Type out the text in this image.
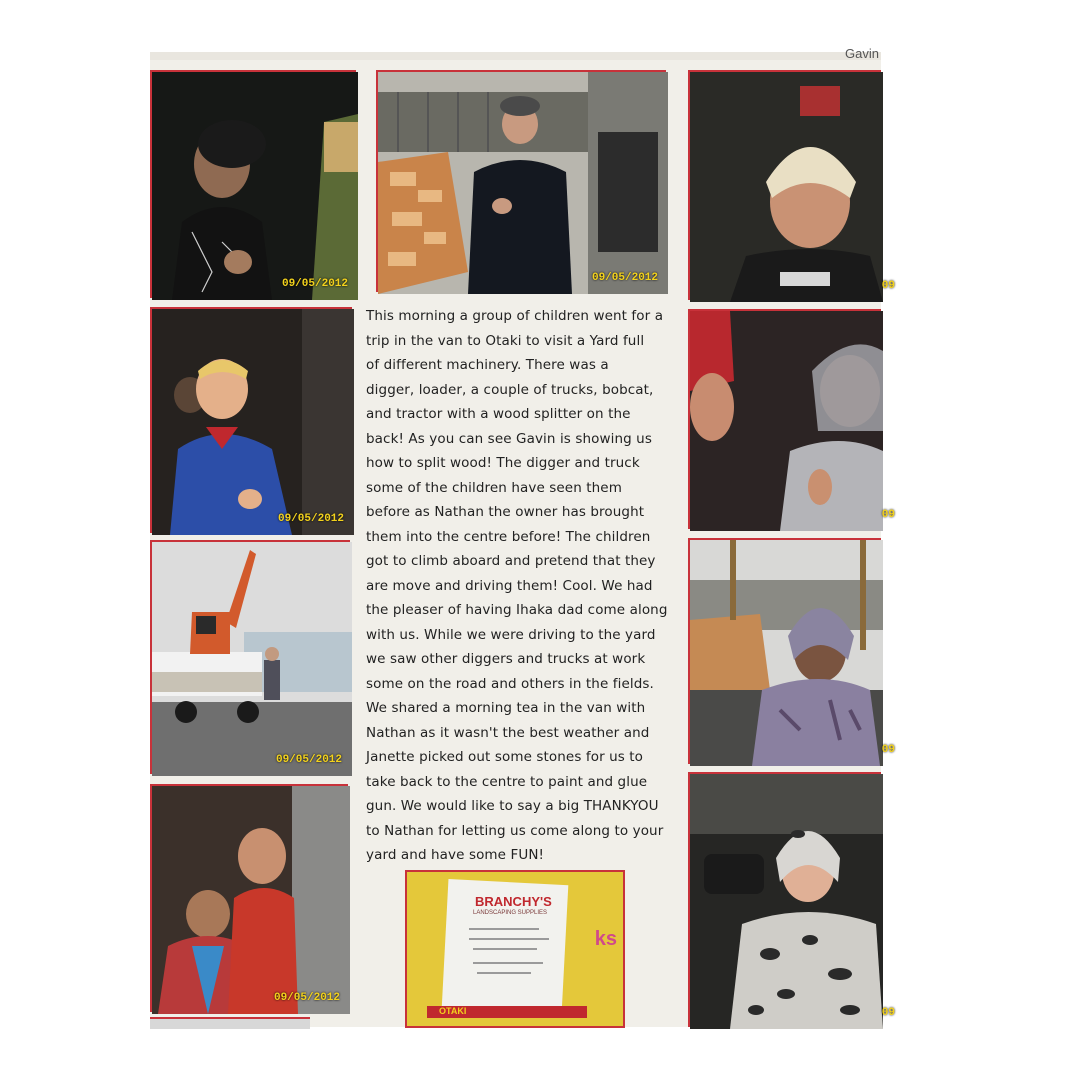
Gavin
09/05/2012
09/05/2012
09/05/2012
09/05/2012
09/05/2012
This morning a group of children went for a
trip in the van to Otaki to visit a Yard full
of different machinery. There was a
digger, loader, a couple of trucks, bobcat,
and tractor with a wood splitter on the
back! As you can see Gavin is showing us
how to split wood! The digger and truck
some of the children have seen them
before as Nathan the owner has brought
them into the centre before! The children
got to climb aboard and pretend that they
are move and driving them! Cool. We had
the pleaser of having Ihaka dad come along
with us. While we were driving to the yard
we saw other diggers and trucks at work
some on the road and others in the fields.
We shared a morning tea in the van with
Nathan as it wasn't the best weather and
Janette picked out some stones for us to
take back to the centre to paint and glue
gun. We would like to say a big THANKYOU
to Nathan for letting us come along to your
yard and have some FUN!
BRANCHY'S
LANDSCAPING SUPPLIES
ks
OTAKI
09
09
09
09
